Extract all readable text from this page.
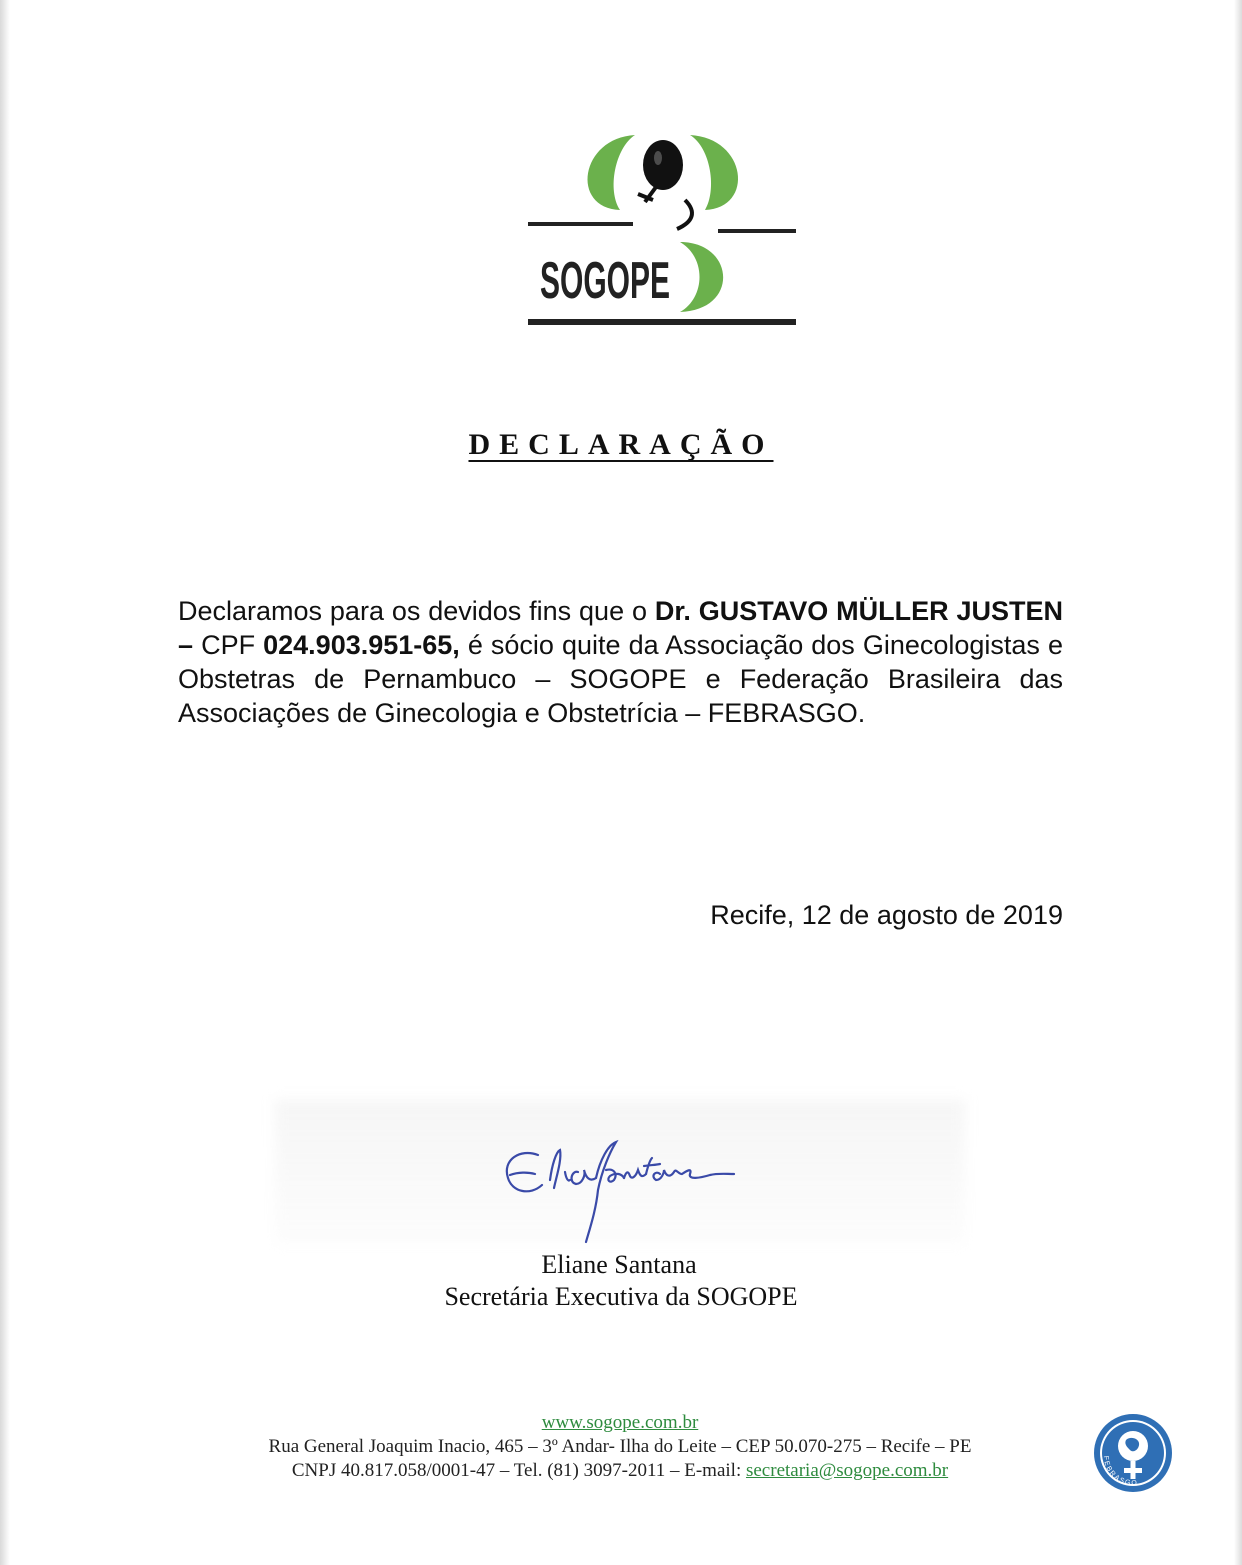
SOGOPE
DECLARAÇÃO
Declaramos para os devidos fins que o Dr. GUSTAVO MÜLLER JUSTEN – CPF 024.903.951-65, é sócio quite da Associação dos Ginecologistas e Obstetras de Pernambuco – SOGOPE e Federação Brasileira das Associações de Ginecologia e Obstetrícia – FEBRASGO.
Recife, 12 de agosto de 2019
Eliane Santana
Secretária Executiva da SOGOPE
www.sogope.com.br
Rua General Joaquim Inacio, 465 – 3º Andar- Ilha do Leite – CEP 50.070-275 – Recife – PE
CNPJ 40.817.058/0001-47 – Tel. (81) 3097-2011 – E-mail: secretaria@sogope.com.br
FEBRASGO
